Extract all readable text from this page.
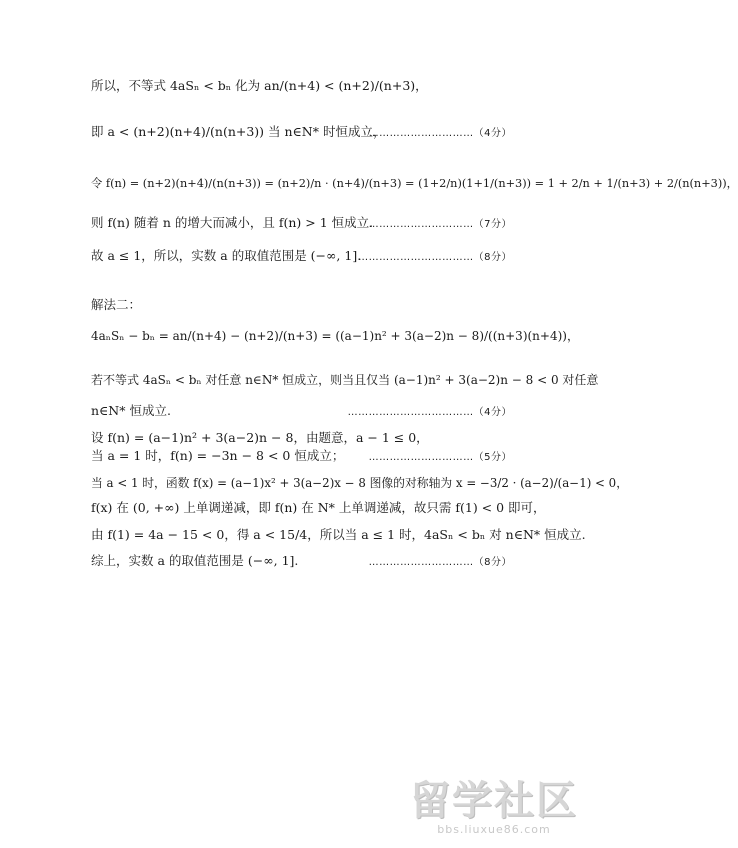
所以，不等式 4aSₙ < bₙ 化为 an/(n+4) < (n+2)/(n+3)，
即 a < (n+2)(n+4)/(n(n+3)) 当 n∈N* 时恒成立，
…………………………（4分）
令 f(n) = (n+2)(n+4)/(n(n+3)) = (n+2)/n · (n+4)/(n+3) = (1+2/n)(1+1/(n+3)) = 1 + 2/n + 1/(n+3) + 2/(n(n+3))，
则 f(n) 随着 n 的增大而减小，且 f(n) > 1 恒成立.
…………………………（7分）
故 a ≤ 1，所以，实数 a 的取值范围是 (−∞, 1].
……………………………（8分）
解法二：
4aₙSₙ − bₙ = an/(n+4) − (n+2)/(n+3) = ((a−1)n² + 3(a−2)n − 8)/((n+3)(n+4))，
若不等式 4aSₙ < bₙ 对任意 n∈N* 恒成立，则当且仅当 (a−1)n² + 3(a−2)n − 8 < 0 对任意
n∈N* 恒成立.	………………………………（4分）
设 f(n) = (a−1)n² + 3(a−2)n − 8，由题意，a − 1 ≤ 0，
当 a = 1 时，f(n) = −3n − 8 < 0 恒成立； …………………………（5分）
当 a < 1 时，函数 f(x) = (a−1)x² + 3(a−2)x − 8 图像的对称轴为 x = −3/2 · (a−2)/(a−1) < 0，
f(x) 在 (0, +∞) 上单调递减，即 f(n) 在 N* 上单调递减，故只需 f(1) < 0 即可，
由 f(1) = 4a − 15 < 0，得 a < 15/4，所以当 a ≤ 1 时，4aSₙ < bₙ 对 n∈N* 恒成立.
综上，实数 a 的取值范围是 (−∞, 1].	…………………………（8分）
留学社区
bbs.liuxue86.com
